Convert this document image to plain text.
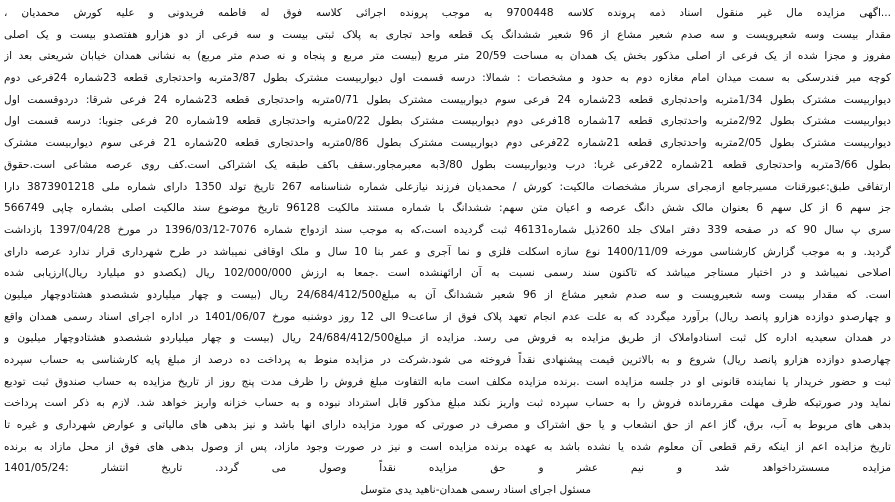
...اگهی مزایده مال غیر منقول اسناد ذمه پرونده کلاسه 9700448 به موجب پرونده اجرائی کلاسه فوق له فاطمه فریدونی و علیه کورش محمدیان ،
مقدار بیست وسه شعیرویست و سه صدم شعیر مشاع از 96 شعیر ششدانگ یک قطعه واحد تجاری به پلاک ثبتی بیست و سه فرعی از دو هزارو هفتصدو بیست و یک اصلی
مفروز و مجزا شده از یک فرعی از اصلی مذکور بخش یک همدان به مساحت 20/59 متر مربع (بیست متر مربع و پنجاه و نه صدم متر مربع) به نشانی همدان خیابان شریعتی بعد از
کوچه میر فندرسکی به سمت میدان امام مغازه دوم به حدود و مشخصات : شمالا: درسه قسمت اول دیواربیست مشترک بطول 3/87متربه واحدتجاری قطعه 23شماره 24فرعی دوم
دیواربیست مشترک بطول 1/34متربه واحدتجاری قطعه 23شماره 24 فرعی سوم دیواربیست مشترک بطول 0/71متربه واحدتجاری قطعه 23شماره 24 فرعی شرقا: دردوقسمت اول
دیواربیست مشترک بطول 2/92متربه واحدتجاری قطعه 17شماره 18فرعی دوم دیواربیست مشترک بطول 0/22متربه واحدتجاری قطعه 19شماره 20 فرعی جنوبا: درسه قسمت اول
دیواربیست مشترک بطول 2/05متربه واحدتجاری قطعه 21شماره 22فرعی دوم دیواربیست مشترک بطول 0/86متربه واحدتجاری قطعه 20شماره 21 فرعی سوم دیواربیست مشترک
بطول 3/66متربه واحدتجاری قطعه 21شماره 22فرعی غربا: درب ودیواربیست بطول 3/80به معبرمجاور.سقف باکف طبقه یک اشتراکی است.کف روی عرصه مشاعی است.حقوق
ارتفاقی طبق:عبورقنات مسیرجامع ازمجرای سرباز مشخصات مالکیت: کورش / محمدیان فرزند نیازعلی شماره شناسنامه 267 تاریخ تولد 1350 دارای شماره ملی 3873901218 دارا
جز سهم 6 از کل سهم 6 بعنوان مالک شش دانگ عرصه و اعیان متن سهم: ششدانگ با شماره مستند مالکیت 96128 تاریخ موضوع سند مالکیت اصلی بشماره چاپی 566749
سری پ سال 90 که در صفحه 339 دفتر املاک جلد 260ذیل شماره46131 ثبت گردیده است،که به موجب سند ازدواج شماره 7076-1396/03/12 در مورخ 1397/04/28 بازداشت
گردید. و به موجب گزارش کارشناسی مورخه 1400/11/09 نوع سازه اسکلت فلزی و نما آجری و عمر بنا 10 سال و ملک اوقافی نمیباشد در طرح شهرداری قرار ندارد عرصه دارای
اصلاحی نمیباشد و در اختیار مستاجر میباشد که تاکنون سند رسمی نسبت به آن ارائهنشده است .جمعا به ارزش 102/000/000 ریال (یکصدو دو میلیارد ریال)ارزیابی شده
است. که مقدار بیست وسه شعیرویست و سه صدم شعیر مشاع از 96 شعیر ششدانگ آن به مبلغ24/684/412/500 ریال (بیست و چهار میلیاردو ششصدو هشتادوچهار میلیون
و چهارصدو دوازده هزارو پانصد ریال) برآورد میگردد که به علت عدم انجام تعهد پلاک فوق از ساعت9 الی 12 روز دوشنبه مورخ 1401/06/07 در اداره اجرای اسناد رسمی همدان واقع
در همدان سعیدیه اداره کل ثبت اسنادواملاک از طریق مزایده به فروش می رسد. مزایده از مبلغ24/684/412/500 ریال (بیست و چهار میلیاردو ششصدو هشتادوچهار میلیون و
چهارصدو دوازده هزارو پانصد ریال) شروع و به بالاترین قیمت پیشنهادی نقداً فروخته می شود.شرکت در مزایده منوط به پرداخت ده درصد از مبلغ پایه کارشناسی به حساب سپرده
ثبت و حضور خریدار یا نماینده قانونی او در جلسه مزایده است .برنده مزایده مکلف است مابه التفاوت مبلغ فروش را ظرف مدت پنج روز از تاریخ مزایده به حساب صندوق ثبت تودیع
نماید ودر صورتیکه ظرف مهلت مقررمانده فروش را به حساب سپرده ثبت واریز نکند مبلغ مذکور قابل استرداد نبوده و به حساب خزانه واریز خواهد شد. لازم به ذکر است پرداخت
بدهی های مربوط به آب، برق، گاز اعم از حق انشعاب و یا حق اشتراک و مصرف در صورتی که مورد مزایده دارای انها باشد و نیز بدهی های مالیاتی و عوارض شهرداری و غیره تا
تاریخ مزایده اعم از اینکه رقم قطعی آن معلوم شده یا نشده باشد به عهده برنده مزایده است و نیز در صورت وجود مازاد، پس از وصول بدهی های فوق از محل مازاد به برنده
مزایده مسسترداخواهد شد و نیم عشر و حق مزایده نقداً وصول می گردد. تاریخ انتشار :1401/05/24
مسئول اجرای اسناد رسمی همدان-ناهید یدی متوسل
